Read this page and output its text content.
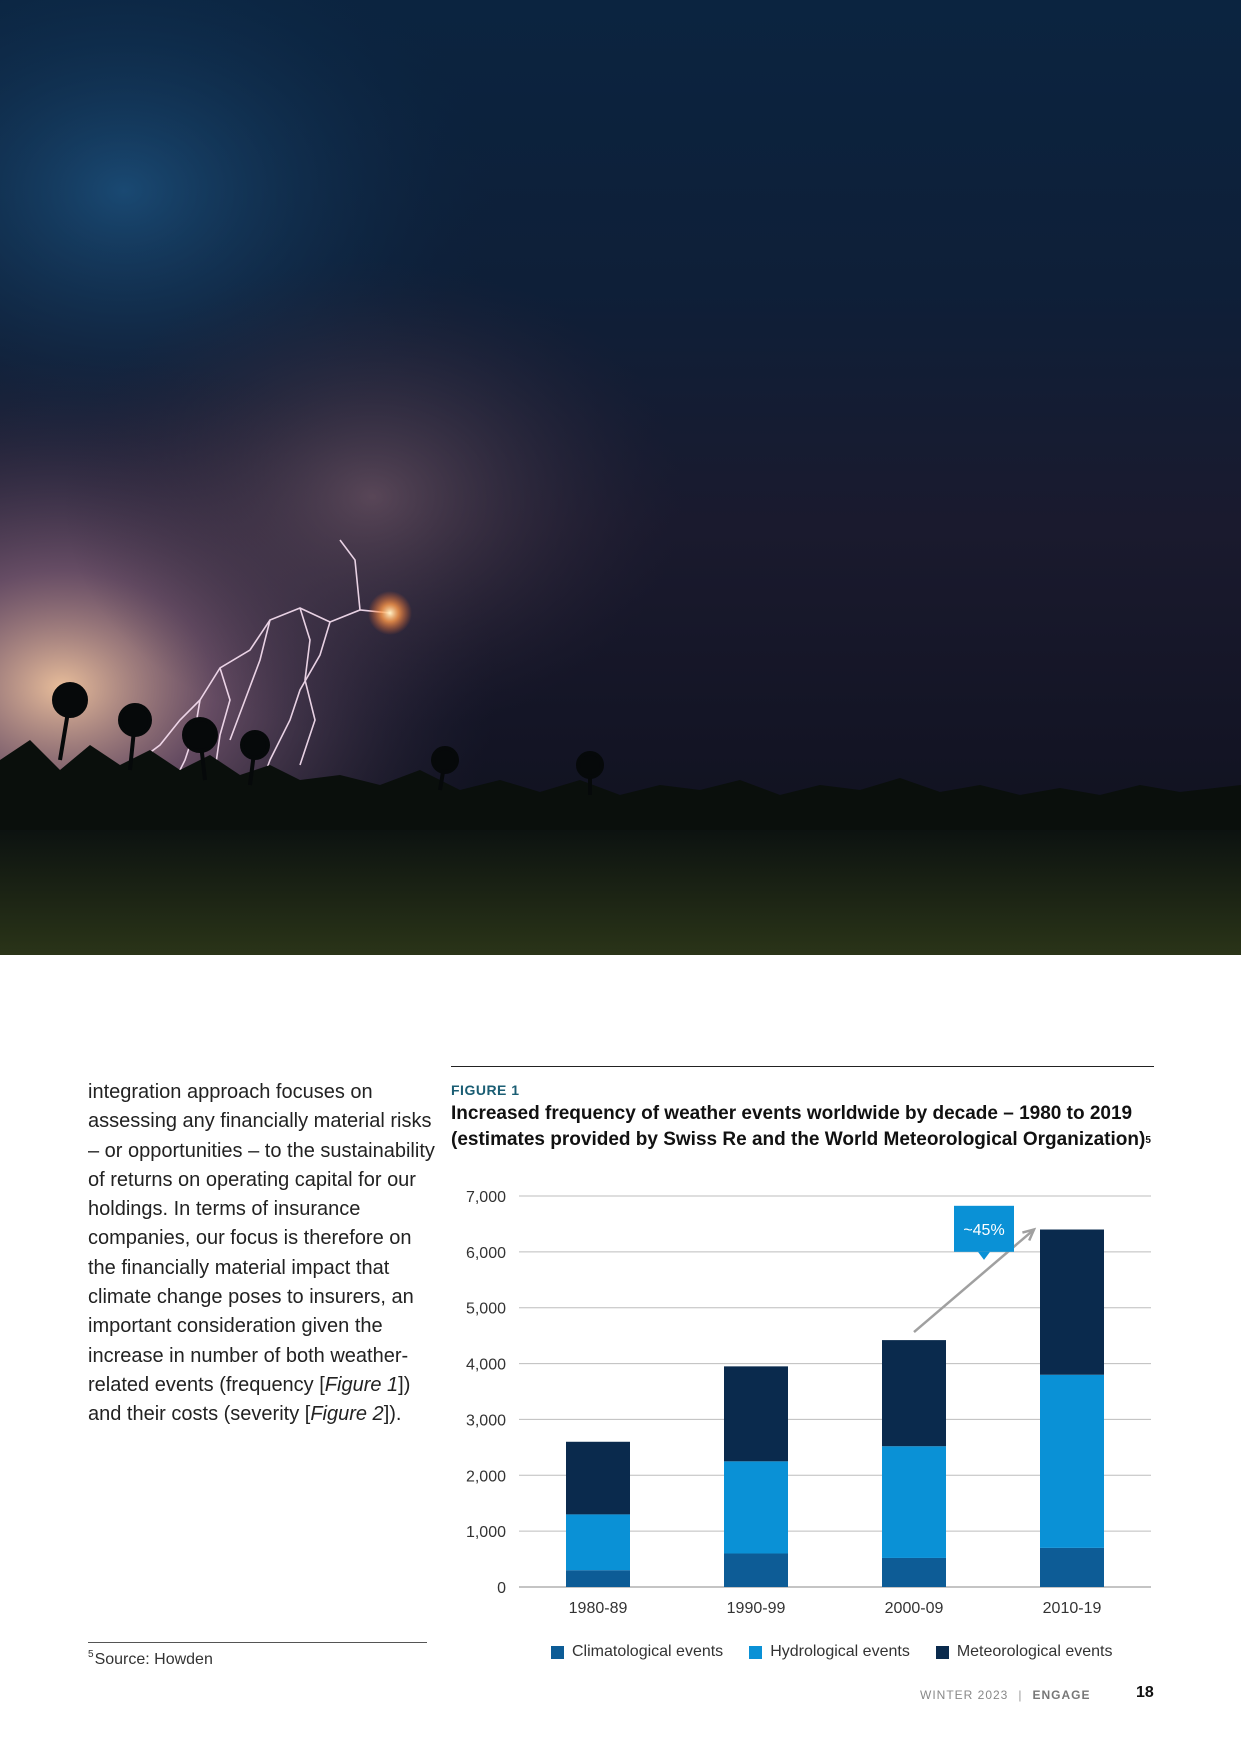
integration approach focuses on assessing any financially material risks – or opportunities – to the sustainability of returns on operating capital for our holdings. In terms of insurance companies, our focus is therefore on the financially material impact that climate change poses to insurers, an important consideration given the increase in number of both weather-related events (frequency [Figure 1]) and their costs (severity [Figure 2]).

$^5$Source: Howden
FIGURE 1

Increased frequency of weather events worldwide by decade – 1980 to 2019 (estimates provided by Swiss Re and the World Meteorological Organization)$^5$

0
1,000
2,000
3,000
4,000
5,000
6,000
7,000
1980-89	1990-99	2000-09	2010-19
~45%
Climatological events	Hydrological events	Meteorological events
WINTER 2023 | ENGAGE	18
